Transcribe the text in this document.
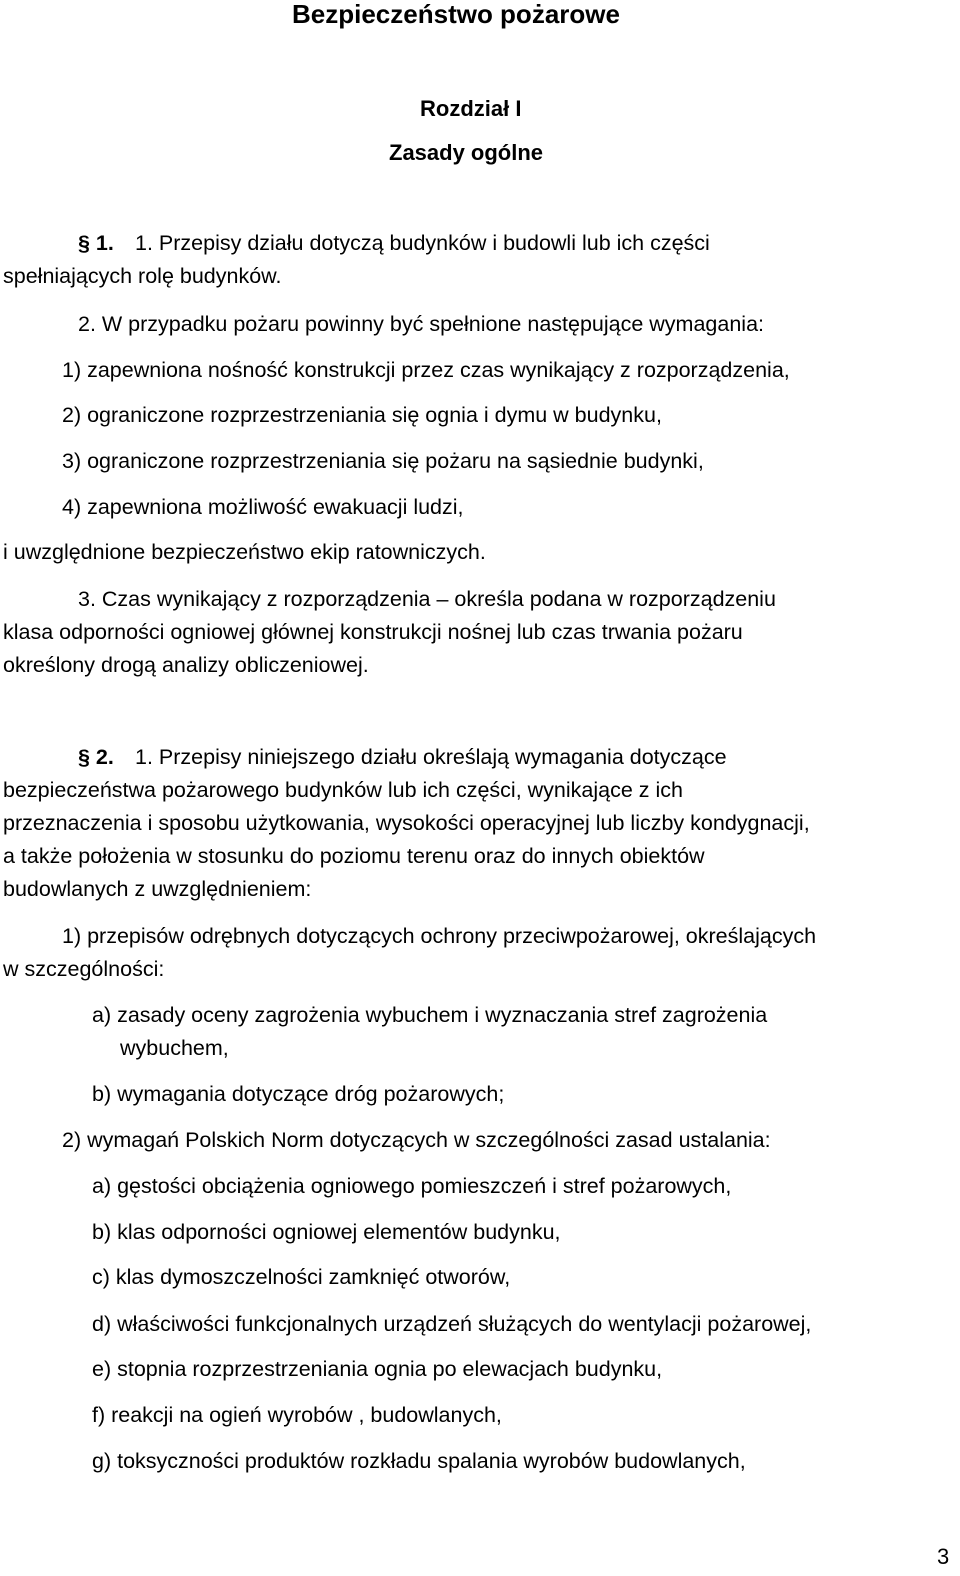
Bezpieczeństwo pożarowe
Rozdział I
Zasady ogólne
§ 1. 1. Przepisy działu dotyczą budynków i budowli lub ich części
spełniających rolę budynków.
2. W przypadku pożaru powinny być spełnione następujące wymagania:
1) zapewniona nośność konstrukcji przez czas wynikający z rozporządzenia,
2) ograniczone rozprzestrzeniania się ognia i dymu w budynku,
3) ograniczone rozprzestrzeniania się pożaru na sąsiednie budynki,
4) zapewniona możliwość ewakuacji ludzi,
i uwzględnione bezpieczeństwo ekip ratowniczych.
3. Czas wynikający z rozporządzenia – określa podana w rozporządzeniu
klasa odporności ogniowej głównej konstrukcji nośnej lub czas trwania pożaru
określony drogą analizy obliczeniowej.
§ 2. 1. Przepisy niniejszego działu określają wymagania dotyczące
bezpieczeństwa pożarowego budynków lub ich części, wynikające z ich
przeznaczenia i sposobu użytkowania, wysokości operacyjnej lub liczby kondygnacji,
a także położenia w stosunku do poziomu terenu oraz do innych obiektów
budowlanych z uwzględnieniem:
1) przepisów odrębnych dotyczących ochrony przeciwpożarowej, określających
w szczególności:
a) zasady oceny zagrożenia wybuchem i wyznaczania stref zagrożenia
wybuchem,
b) wymagania dotyczące dróg pożarowych;
2) wymagań Polskich Norm dotyczących w szczególności zasad ustalania:
a) gęstości obciążenia ogniowego pomieszczeń i stref pożarowych,
b) klas odporności ogniowej elementów budynku,
c) klas dymoszczelności zamknięć otworów,
d) właściwości funkcjonalnych urządzeń służących do wentylacji pożarowej,
e) stopnia rozprzestrzeniania ognia po elewacjach budynku,
f) reakcji na ogień wyrobów , budowlanych,
g) toksyczności produktów rozkładu spalania wyrobów budowlanych,
3
